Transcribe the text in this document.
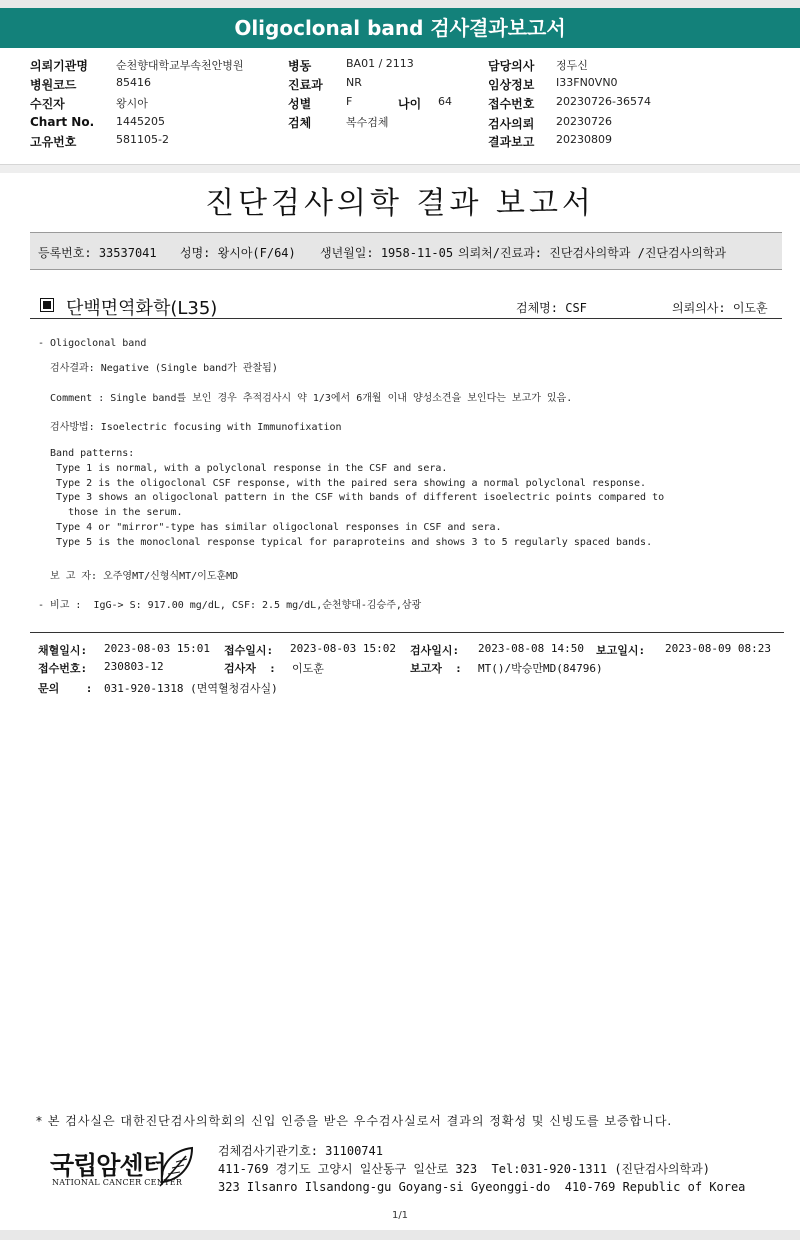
Oligoclonal band 검사결과보고서
의뢰기관명	순천향대학교부속천안병원
병원코드	85416
수진자	왕시아
Chart No. 1445205
고유번호	581105-2
병동	BA01 / 2113
진료과 NR
성별	F	나이 64
검체	복수검체
담당의사 정두신
임상정보 I33FN0VN0
접수번호 20230726-36574
검사의뢰 20230726
결과보고 20230809
진단검사의학 결과 보고서
등록번호: 33537041 성명: 왕시아(F/64) 생년월일: 1958-11-05 의뢰처/진료과: 진단검사의학과 /진단검사의학과
단백면역화학(L35)	검체명: CSF	의뢰의사: 이도훈
- Oligoclonal band
검사결과: Negative (Single band가 관찰됨)
Comment : Single band를 보인 경우 추적검사시 약 1/3에서 6개월 이내 양성소견을 보인다는 보고가 있음.
검사방법: Isoelectric focusing with Immunofixation
Band patterns:
Type 1 is normal, with a polyclonal response in the CSF and sera.
Type 2 is the oligoclonal CSF response, with the paired sera showing a normal polyclonal response.
Type 3 shows an oligoclonal pattern in the CSF with bands of different isoelectric points compared to
those in the serum.
Type 4 or "mirror"-type has similar oligoclonal responses in CSF and sera.
Type 5 is the monoclonal response typical for paraproteins and shows 3 to 5 regularly spaced bands.
보 고 자: 오주영MT/신형식MT/이도훈MD
- 비고 :  IgG-> S: 917.00 mg/dL, CSF: 2.5 mg/dL,순천향대-김승주,삼광
채혈일시: 2023-08-03 15:01 접수일시: 2023-08-03 15:02 검사일시: 2023-08-08 14:50 보고일시: 2023-08-09 08:23
접수번호: 230803-12	검사자  : 이도훈	보고자  : MT()/박승만MD(84796)
문의    : 031-920-1318 (면역혈청검사실)
* 본 검사실은 대한진단검사의학회의 신입 인증을 받은 우수검사실로서 결과의 정확성 및 신빙도를 보증합니다.
국립암센터
NATIONAL CANCER CENTER
검체검사기관기호: 31100741
411-769 경기도 고양시 일산동구 일산로 323  Tel:031-920-1311 (진단검사의학과)
323 Ilsanro Ilsandong-gu Goyang-si Gyeonggi-do  410-769 Republic of Korea
1/1
